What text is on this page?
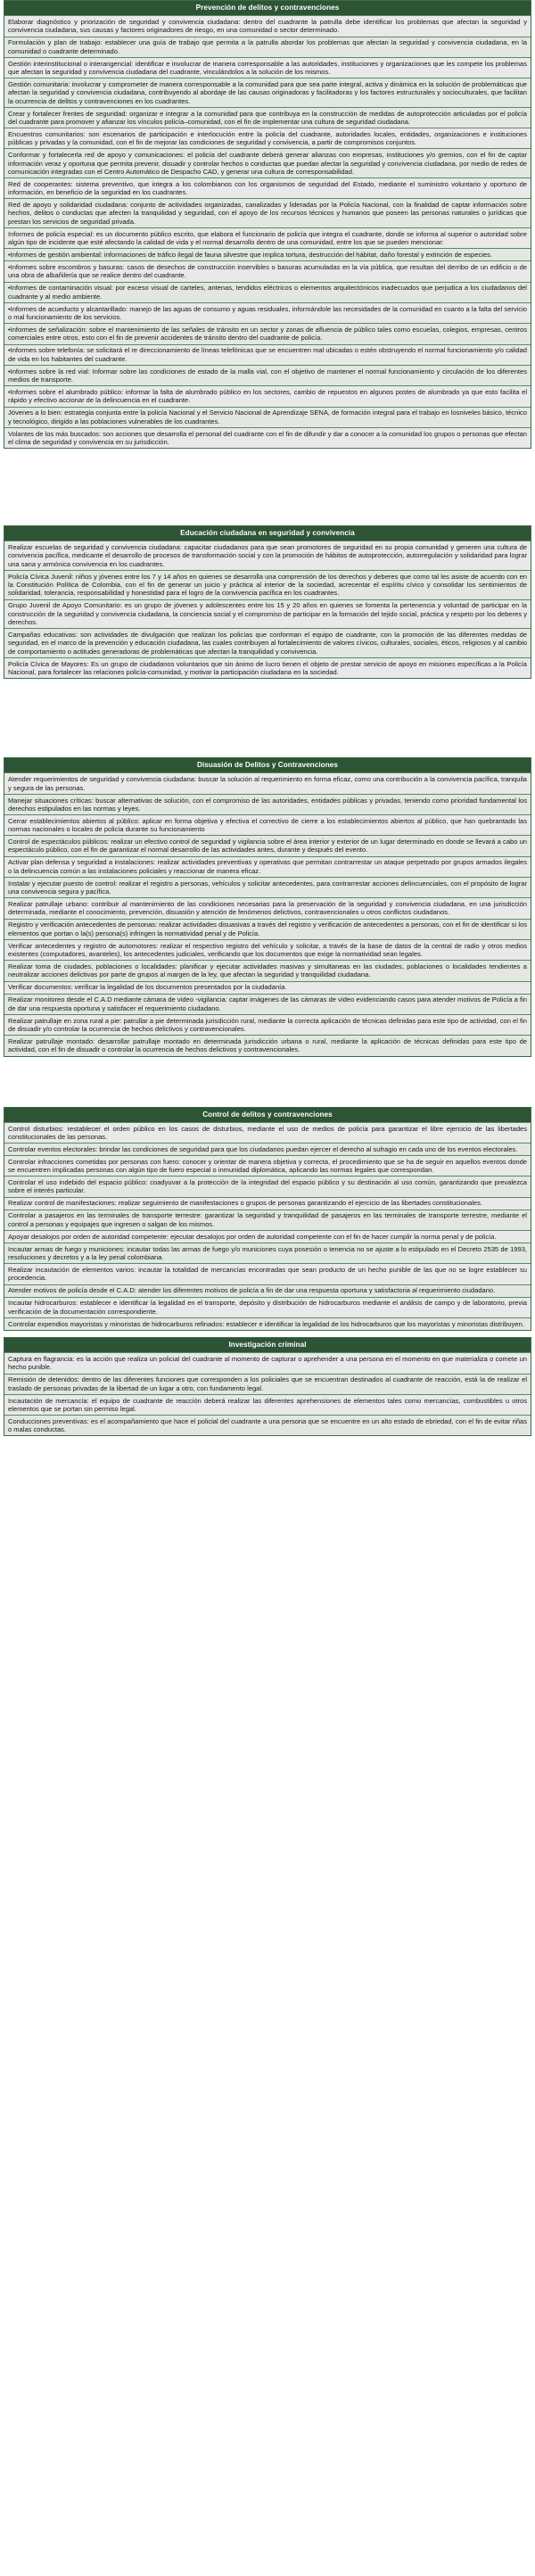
Prevención de delitos y contravenciones
Elaborar diagnóstico y priorización de seguridad y convivencia ciudadana: dentro del cuadrante la patrulla debe identificar los problemas que afectan la seguridad y convivencia ciudadana, sus causas y factores originadores de riesgo, en una comunidad o sector determinado.
Formulación y plan de trabajo: establecer una guía de trabajo que permita a la patrulla abordar los problemas que afectan la seguridad y convivencia ciudadana, en la comunidad o cuadrante determinado.
Gestión interinstitucional o interangencial: identificar e involucrar de manera corresponsable a las autoridades, instituciones y organizaciones que les compete los problemas que afectan la seguridad y convivencia ciudadana del cuadrante, vinculándolos a la solución de los mismos.
Gestión comunitaria: involucrar y comprometer de manera corresponsable a la comunidad para que sea parte integral, activa y dinámica en la solución de problemáticas que afectan la seguridad y convivencia ciudadana, contribuyendo al abordaje de las causas originadoras y facilitadoras y los factores estructurales y socioculturales, que facilitan la ocurrencia de delitos y contravenciones en los cuadrantes.
Crear y fortalecer frentes de seguridad: organizar e integrar a la comunidad para que contribuya en la construcción de medidas de autoprotección articuladas por el policía del cuadrante para promover y afianzar los vínculos policía–comunidad, con el fin de implementar una cultura de seguridad ciudadana.
Encuentros comunitarios: son escenarios de participación e interlocución entre la policía del cuadrante, autoridades locales, entidades, organizaciones e instituciones públicas y privadas y la comunidad, con el fin de mejorar las condiciones de seguridad y convivencia, a partir de compromisos conjuntos.
Conformar y fortalecerla red de apoyo y comunicaciones: el policía del cuadrante deberá generar alianzas con empresas, instituciones y/o gremios, con el fin de captar información veraz y oportuna que permita prevenir, disuadir y controlar hechos o conductas que puedan afectar la seguridad y convivencia ciudadana, por medio de redes de comunicación integradas con el Centro Automático de Despacho CAD, y generar una cultura de corresponsabilidad.
Red de cooperantes: sistema preventivo, que integra a los colombianos con los organismos de seguridad del Estado, mediante el suministro voluntario y oportuno de información, en beneficio de la seguridad en los cuadrantes.
Red de apoyo y solidaridad ciudadana: conjunto de actividades organizadas, canalizadas y lideradas por la Policía Nacional, con la finalidad de captar información sobre hechos, delitos o conductas que afecten la tranquilidad y seguridad, con el apoyo de los recursos técnicos y humanos que poseen las personas naturales o jurídicas que prestan los servicios de seguridad privada.
Informes de policía especial: es un documento público escrito, que elabora el funcionario de policía que integra el cuadrante, donde se informa al superior o autoridad sobre algún tipo de incidente que esté afectando la calidad de vida y el normal desarrollo dentro de una comunidad, entre los que se pueden mencionar:
•Informes de gestión ambiental: informaciones de tráfico ilegal de fauna silvestre que implica tortura, destrucción del hábitat, daño forestal y extinción de especies.
•Informes sobre escombros y basuras: casos de desechos de construcción inservibles o basuras acumuladas en la vía pública, que resultan del derribo de un edificio o de una obra de albañilería que se realice dentro del cuadrante.
•Informes de contaminación visual: por exceso visual de carteles, antenas, tendidos eléctricos o elementos arquitectónicos inadecuados que perjudica a los ciudadanos del cuadrante y al medio ambiente.
•Informes de acueducto y alcantarillado: manejo de las aguas de consumo y aguas residuales, informándole las necesidades de la comunidad en cuanto a la falta del servicio o mal funcionamiento de los servicios.
•Informes de señalización: sobre el mantenimiento de las señales de tránsito en un sector y zonas de afluencia de público tales como escuelas, colegios, empresas, centros comerciales entre otros, esto con el fin de prevenir accidentes de tránsito dentro del cuadrante de policía.
•Informes sobre telefonía: se solicitará el re direccionamiento de líneas telefónicas que se encuentren mal ubicadas o estén obstruyendo el normal funcionamiento y/o calidad de vida en los habitantes del cuadrante.
•Informes sobre la red vial: Informar sobre las condiciones de estado de la malla vial, con el objetivo de mantener el normal funcionamiento y circulación de los diferentes medios de transporte.
•Informes sobre el alumbrado público: informar la falta de alumbrado público en los sectores, cambio de repuestos en algunos postes de alumbrado ya que esto facilita el rápido y efectivo accionar de la delincuencia en el cuadrante.
Jóvenes a lo bien: estrategia conjunta entre la policía Nacional y el Servicio Nacional de Aprendizaje SENA, de formación integral para el trabajo en losniveles básico, técnico y tecnológico, dirigido a las poblaciones vulnerables de los cuadrantes.
Volantes de los más buscados: son acciones que desarrolla el personal del cuadrante con el fin de difundir y dar a conocer a la comunidad los grupos o personas que efectan el clima de seguridad y convivencia en su jurisdicción.
Educación ciudadana en seguridad y convivencia
Realizar escuelas de seguridad y convivencia ciudadana: capacitar ciudadanos para que sean promotores de seguridad en su propia comunidad y generen una cultura de convivencia pacífica, medicante el desarrollo de procesos de transformación social y con la promoción de hábitos de autoprotección, autorregulación y solidaridad para lograr una sana y armónica convivencia en los cuadrantes.
Policía Cívica Juvenil: niños y jóvenes entre los 7 y 14 años en quienes se desarrolla una comprensión de los derechos y deberes que como tal les asiste de acuerdo con en la Constitución Política de Colombia, con el fin de generar un juicio y práctica al interior de la sociedad, acrecentar el espíritu cívico y consolidar los sentimientos de solidaridad, tolerancia, responsabilidad y honestidad para el logro de la convivencia pacífica en los cuadrantes.
Grupo Juvenil de Apoyo Comunitario: es un grupo de jóvenes y adolescentes entre los 15 y 20 años en quienes se fomenta la pertenencia y voluntad de participar en la construcción de la seguridad y convivencia ciudadana, la conciencia social y el compromiso de participar en la formación del tejido social, práctica y respeto por los deberes y derechos.
Campañas educativas: son actividades de divulgación que realizan los policías que conforman el equipo de cuadrante, con la promoción de las diferentes medidas de seguridad, en el marco de la prevención y educación ciudadana, las cuales contribuyen al fortalecimiento de valores cívicos, culturales, sociales, éticos, religiosos y al cambio de comportamiento o actitudes generadoras de problemáticas que afectan la tranquilidad y convivencia.
Policía Cívica de Mayores: Es un grupo de ciudadanos voluntarios que sin ánimo de lucro tienen el objeto de prestar servicio de apoyo en misiones específicas a la Policía Nacional, para fortalecer las relaciones policía-comunidad, y motivar la participación ciudadana en la sociedad.
Disuasión de Delitos y Contravenciones
Atender requerimientos de seguridad y convivencia ciudadana: buscar la solución al requerimiento en forma eficaz, como una contribución a la convivencia pacífica, tranquila y segura de las personas.
Manejar situaciones críticas: buscar alternativas de solución, con el compromiso de las autoridades, entidades públicas y privadas, teniendo como prioridad fundamental los derechos estipulados en las normas y leyes.
Cerrar establecimientos abiertos al público: aplicar en forma objetiva y efectiva el correctivo de cierre a los establecimientos abiertos al público, que han quebrantado las normas nacionales o locales de policía durante su funcionamiento
Control de espectáculos públicos: realizar un efectivo control de seguridad y vigilancia sobre el área interior y exterior de un lugar determinado en donde se llevará a cabo un espectáculo público, con el fin de garantizar el normal desarrollo de las actividades antes, durante y después del evento.
Activar plan defensa y seguridad a instalaciones: realizar actividades preventivas y operativas que permitan contrarrestar un ataque perpetrado por grupos armados ilegales o la delincuencia común a las instalaciones policiales y reaccionar de manera eficaz.
Instalar y ejecutar puesto de control: realizar el registro a personas, vehículos y solicitar antecedentes, para contrarrestar acciones delincuenciales, con el propósito de lograr una convivencia segura y pacífica.
Realizar patrullaje urbano: contribuir al mantenimiento de las condiciones necesarias para la preservación de la seguridad y convivencia ciudadana, en una jurisdicción determinada, mediante el conocimiento, prevención, disuasión y atención de fenómenos delictivos, contravencionales u otros conflictos ciudadanos.
Registro y verificación antecedentes de personas: realizar actividades disuasivas a través del registro y verificación de antecedentes a personas, con el fin de identificar si los elementos que portan o la(s) persona(s) infringen la normatividad penal y de Policía.
Verificar antecedentes y registro de automotores: realizar el respectivo registro del vehículo y solicitar, a través de la base de datos de la central de radio y otros medios existentes (computadores, avanteles), los antecedentes judiciales, verificando que los documentos que exige la normatividad sean legales.
Realizar toma de ciudades, poblaciones o localidades: planificar y ejecutar actividades masivas y simultaneas en las ciudades, poblaciones o localidades tendientes a neutralizar acciones delictivas por parte de grupos al margen de la ley, que afectan la seguridad y tranquilidad ciudadana.
Verificar documentos: verificar la legalidad de los documentos presentados por la ciudadanía.
Realizar monitoreo desde el C.A.D mediante cámara de video -vigilancia: captar imágenes de las cámaras de video evidenciando casos para atender motivos de Policía a fin de dar una respuesta oportuna y satisfacer el requerimiento ciudadano.
Realizar patrullaje en zona rural a pie: patrullar a pie determinada jurisdicción rural, mediante la correcta aplicación de técnicas definidas para este tipo de actividad, con el fin de disuadir y/o controlar la ocurrencia de hechos delictivos y contravencionales.
Realizar patrullaje montado: desarrollar patrullaje montado en determinada jurisdicción urbana o rural, mediante la aplicación de técnicas definidas para este tipo de actividad, con el fin de disuadir o controlar la ocurrencia de hechos delictivos y contravencionales.
Control de delitos y contravenciones
Control disturbios: restablecer el orden público en los casos de disturbios, mediante el uso de medios de policía para garantizar el libre ejercicio de las libertades constitucionales de las personas.
Controlar eventos electorales: brindar las condiciones de seguridad para que los ciudadanos puedan ejercer el derecho al sufragio en cada uno de los eventos electorales.
Controlar infracciones cometidas por personas con fuero: conocer y orientar de manera objetiva y correcta, el procedimiento que se ha de seguir en aquellos eventos donde se encuentren implicadas personas con algún tipo de fuero especial o inmunidad diplomática, aplicando las normas legales que correspondan.
Controlar el uso indebido del espacio público: coadyuvar a la protección de la integridad del espacio público y su destinación al uso común, garantizando que prevalezca sobre el interés particular.
Realizar control de manifestaciones: realizar seguimiento de manifestaciones o grupos de personas garantizando el ejercicio de las libertades constitucionales.
Controlar a pasajeros en las terminales de transporte terrestre: garantizar la seguridad y tranquilidad de pasajeros en las terminales de transporte terrestre, mediante el control a personas y equipajes que ingresen o salgan de los mismos.
Apoyar desalojos por orden de autoridad competente: ejecutar desalojos por orden de autoridad competente con el fin de hacer cumplir la norma penal y de policía.
Incautar armas de fuego y municiones: incautar todas las armas de fuego y/o municiones cuya posesión o tenencia no se ajuste a lo estipulado en el Decreto 2535 de 1993, resoluciones y decretos y a la ley penal colombiana.
Realizar incautación de elementos varios: incautar la totalidad de mercancías encontradas que sean producto de un hecho punible de las que no se logre establecer su procedencia.
Atender motivos de policía desde el C.A.D: atender los diferentes motivos de policía a fin de dar una respuesta oportuna y satisfactoria al requerimiento ciudadano.
Incautar hidrocarburos: establecer e identificar la legalidad en el transporte, depósito y distribución de hidrocarburos mediante el análisis de campo y de laboratorio, previa verificación de la documentación correspondiente.
Controlar expendios mayoristas y minoristas de hidrocarburos refinados: establecer e identificar la legalidad de los hidrocarburos que los mayoristas y minoristas distribuyen.
Investigación criminal
Captura en flagrancia: es la acción que realiza un policial del cuadrante al momento de capturar o aprehender a una persona en el momento en que materializa o comete un hecho punible.
Remisión de detenidos: dentro de las diferentes funciones que corresponden a los policiales que se encuentran destinados al cuadrante de reacción, está la de realizar el traslado de personas privadas de la libertad de un lugar a otro, con fundamento legal.
Incautación de mercancía: el equipo de cuadrante de reacción deberá realizar las diferentes aprehensiones de elementos tales como mercancías, combustibles u otros elementos que se portan sin permiso legal.
Conducciones preventivas: es el acompañamiento que hace el policial del cuadrante a una persona que se encuentre en un alto estado de ebriedad, con el fin de evitar riñas o malas conductas.
